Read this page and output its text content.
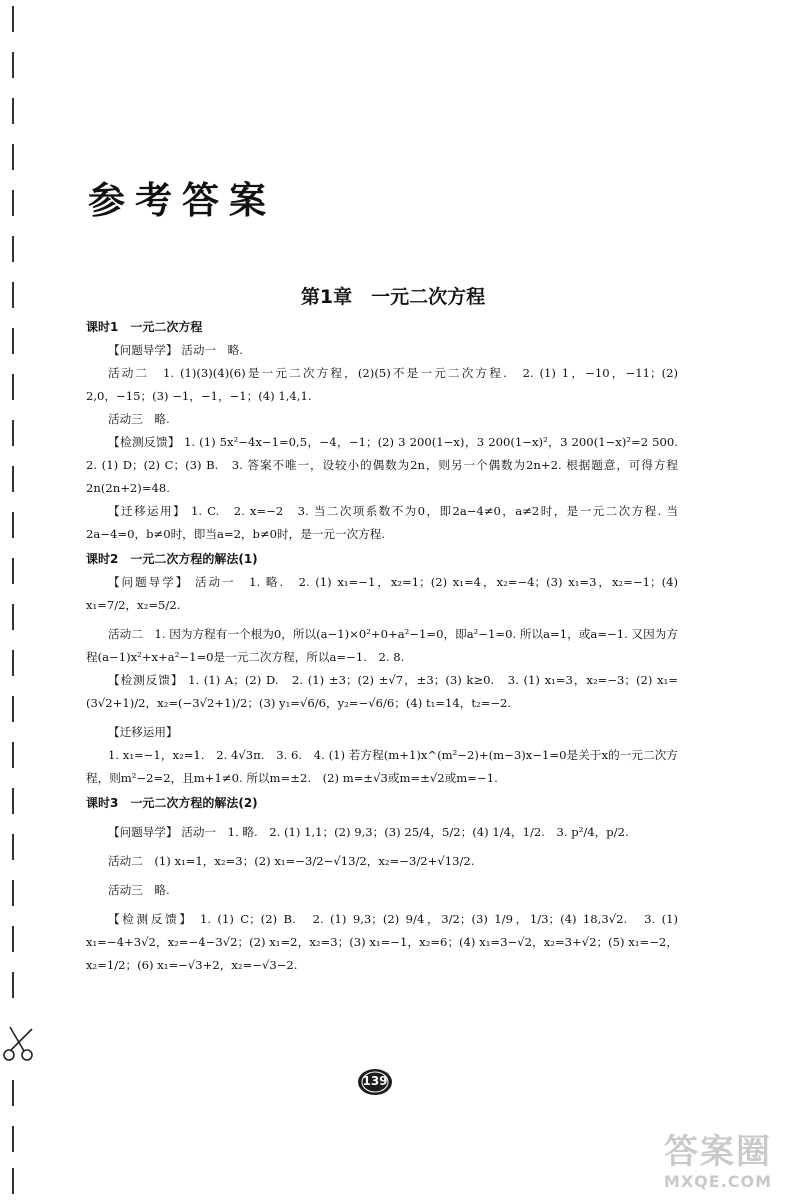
参考答案
第1章　一元二次方程
课时1　一元二次方程
【问题导学】 活动一　略.
活动二　1. (1)(3)(4)(6)是一元二次方程，(2)(5)不是一元二次方程.　2. (1) 1，−10，−11；(2) 2,0，−15；(3) −1，−1，−1；(4) 1,4,1.
活动三　略.
【检测反馈】 1. (1) 5x²−4x−1=0,5，−4，−1；(2) 3 200(1−x)，3 200(1−x)²，3 200(1−x)²=2 500.　2. (1) D；(2) C；(3) B.　3. 答案不唯一，设较小的偶数为2n，则另一个偶数为2n+2. 根据题意，可得方程2n(2n+2)=48.
【迁移运用】 1. C.　2. x=−2　3. 当二次项系数不为0，即2a−4≠0，a≠2时，是一元二次方程. 当2a−4=0，b≠0时，即当a=2，b≠0时，是一元一次方程.
课时2　一元二次方程的解法(1)
【问题导学】 活动一　1. 略.　2. (1) x₁=−1，x₂=1；(2) x₁=4，x₂=−4；(3) x₁=3，x₂=−1；(4) x₁=7/2，x₂=5/2.
活动二　1. 因为方程有一个根为0，所以(a−1)×0²+0+a²−1=0，即a²−1=0. 所以a=1，或a=−1. 又因为方程(a−1)x²+x+a²−1=0是一元二次方程，所以a=−1.　2. 8.
【检测反馈】 1. (1) A；(2) D.　2. (1) ±3；(2) ±√7，±3；(3) k≥0.　3. (1) x₁=3，x₂=−3；(2) x₁=(3√2+1)/2，x₂=(−3√2+1)/2；(3) y₁=√6/6，y₂=−√6/6；(4) t₁=14，t₂=−2.
【迁移运用】
1. x₁=−1，x₂=1.　2. 4√3π.　3. 6.　4. (1) 若方程(m+1)x^(m²−2)+(m−3)x−1=0是关于x的一元二次方程，则m²−2=2，且m+1≠0. 所以m=±2.　(2) m=±√3或m=±√2或m=−1.
课时3　一元二次方程的解法(2)
【问题导学】 活动一　1. 略.　2. (1) 1,1；(2) 9,3；(3) 25/4，5/2；(4) 1/4，1/2.　3. p²/4，p/2.
活动二　(1) x₁=1，x₂=3；(2) x₁=−3/2−√13/2，x₂=−3/2+√13/2.
活动三　略.
【检测反馈】 1. (1) C；(2) B.　2. (1) 9,3；(2) 9/4，3/2；(3) 1/9，1/3；(4) 18,3√2.　3. (1) x₁=−4+3√2，x₂=−4−3√2；(2) x₁=2，x₂=3；(3) x₁=−1，x₂=6；(4) x₁=3−√2，x₂=3+√2；(5) x₁=−2，x₂=1/2；(6) x₁=−√3+2，x₂=−√3−2.
139
答案圈
MXQE.COM
